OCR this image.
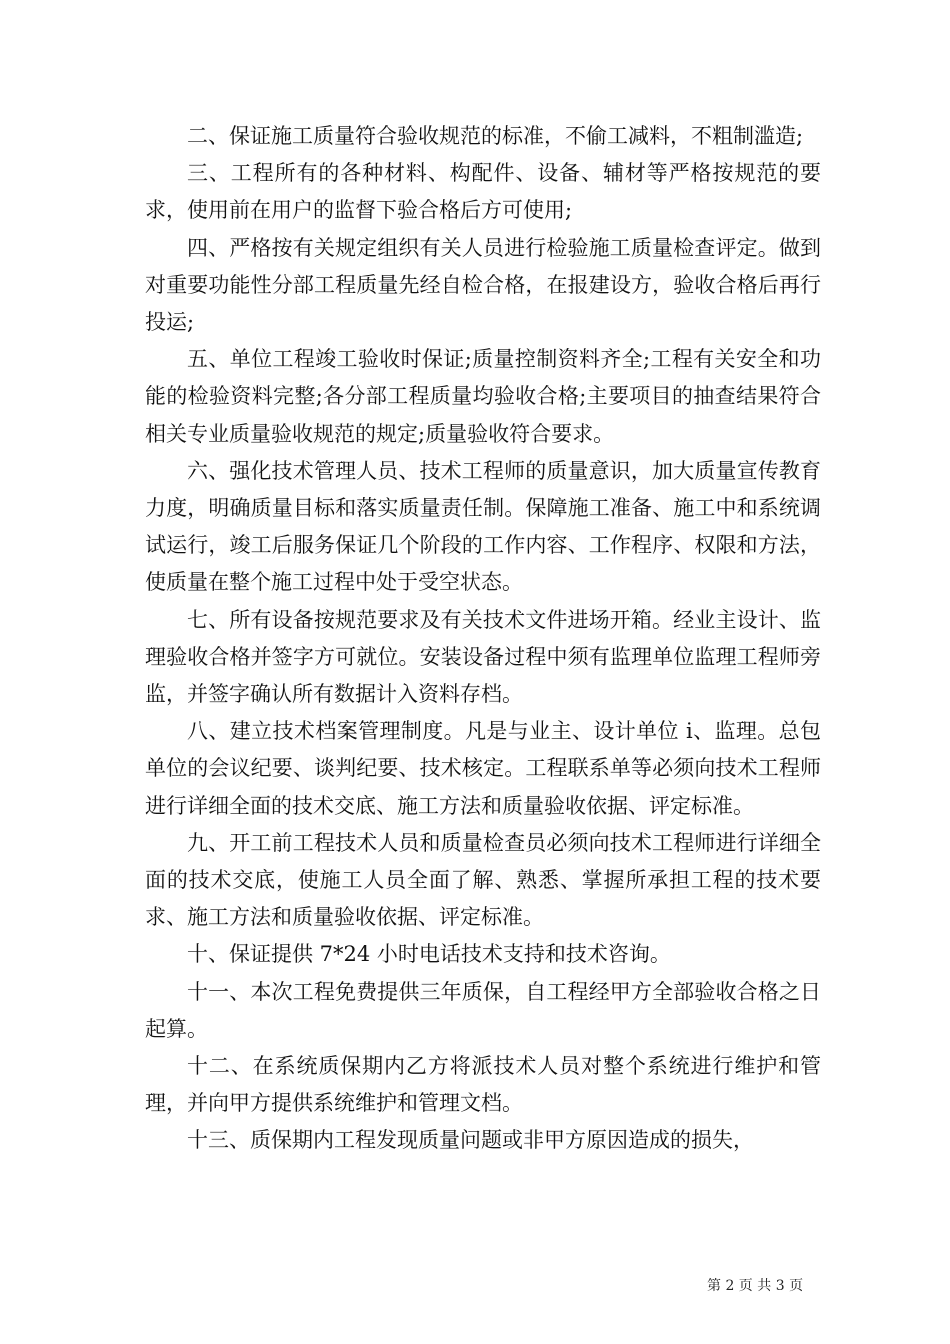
二、保证施工质量符合验收规范的标准，不偷工减料，不粗制滥造;

三、工程所有的各种材料、构配件、设备、辅材等严格按规范的要求，使用前在用户的监督下验合格后方可使用;

四、严格按有关规定组织有关人员进行检验施工质量检查评定。做到对重要功能性分部工程质量先经自检合格，在报建设方，验收合格后再行投运;

五、单位工程竣工验收时保证;质量控制资料齐全;工程有关安全和功能的检验资料完整;各分部工程质量均验收合格;主要项目的抽查结果符合相关专业质量验收规范的规定;质量验收符合要求。

六、强化技术管理人员、技术工程师的质量意识，加大质量宣传教育力度，明确质量目标和落实质量责任制。保障施工准备、施工中和系统调试运行，竣工后服务保证几个阶段的工作内容、工作程序、权限和方法，使质量在整个施工过程中处于受空状态。

七、所有设备按规范要求及有关技术文件进场开箱。经业主设计、监理验收合格并签字方可就位。安装设备过程中须有监理单位监理工程师旁监，并签字确认所有数据计入资料存档。

八、建立技术档案管理制度。凡是与业主、设计单位 i、监理。总包单位的会议纪要、谈判纪要、技术核定。工程联系单等必须向技术工程师进行详细全面的技术交底、施工方法和质量验收依据、评定标准。

九、开工前工程技术人员和质量检查员必须向技术工程师进行详细全面的技术交底，使施工人员全面了解、熟悉、掌握所承担工程的技术要求、施工方法和质量验收依据、评定标准。

十、保证提供 7*24 小时电话技术支持和技术咨询。

十一、本次工程免费提供三年质保，自工程经甲方全部验收合格之日起算。

十二、在系统质保期内乙方将派技术人员对整个系统进行维护和管理，并向甲方提供系统维护和管理文档。

十三、质保期内工程发现质量问题或非甲方原因造成的损失，

第 2 页 共 3 页
